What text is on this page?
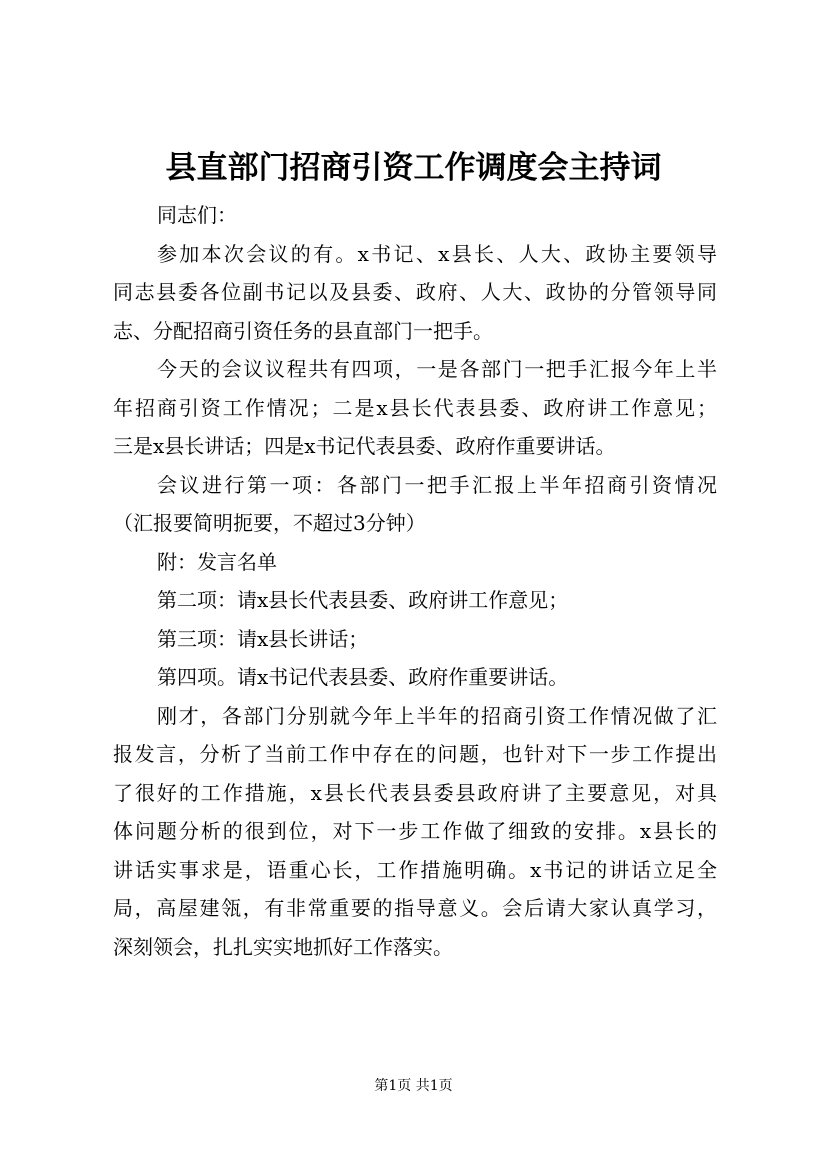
县直部门招商引资工作调度会主持词
同志们：
参加本次会议的有。x书记、x县长、人大、政协主要领导
同志县委各位副书记以及县委、政府、人大、政协的分管领导同
志、分配招商引资任务的县直部门一把手。
今天的会议议程共有四项，一是各部门一把手汇报今年上半
年招商引资工作情况；二是x县长代表县委、政府讲工作意见；
三是x县长讲话；四是x书记代表县委、政府作重要讲话。
会议进行第一项：各部门一把手汇报上半年招商引资情况
（汇报要简明扼要，不超过3分钟）
附：发言名单
第二项：请x县长代表县委、政府讲工作意见；
第三项：请x县长讲话；
第四项。请x书记代表县委、政府作重要讲话。
刚才，各部门分别就今年上半年的招商引资工作情况做了汇
报发言，分析了当前工作中存在的问题，也针对下一步工作提出
了很好的工作措施，x县长代表县委县政府讲了主要意见，对具
体问题分析的很到位，对下一步工作做了细致的安排。x县长的
讲话实事求是，语重心长，工作措施明确。x书记的讲话立足全
局，高屋建瓴，有非常重要的指导意义。会后请大家认真学习，
深刻领会，扎扎实实地抓好工作落实。
第1页 共1页
